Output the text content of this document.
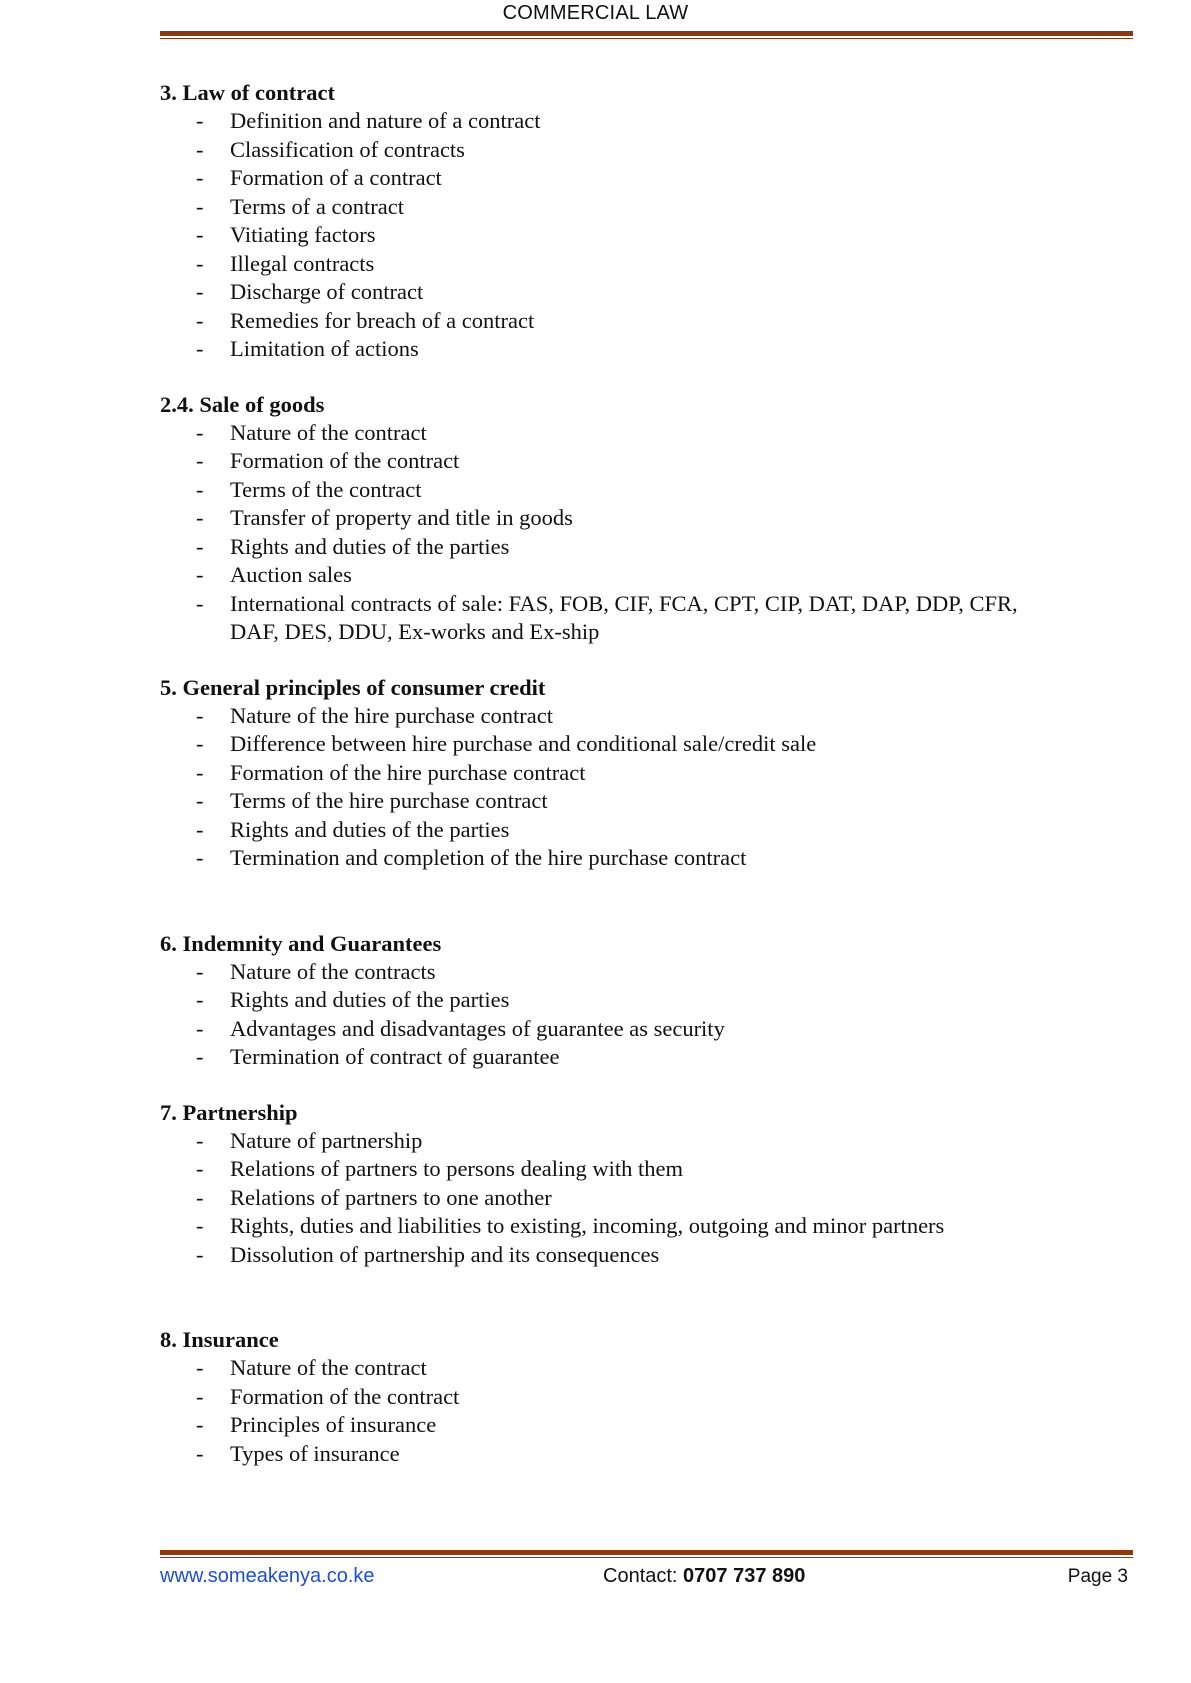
COMMERCIAL LAW
3. Law of contract
- Definition and nature of a contract
- Classification of contracts
- Formation of a contract
- Terms of a contract
- Vitiating factors
- Illegal contracts
- Discharge of contract
- Remedies for breach of a contract
- Limitation of actions
2.4. Sale of goods
- Nature of the contract
- Formation of the contract
- Terms of the contract
- Transfer of property and title in goods
- Rights and duties of the parties
- Auction sales
- International contracts of sale: FAS, FOB, CIF, FCA, CPT, CIP, DAT, DAP, DDP, CFR,
DAF, DES, DDU, Ex-works and Ex-ship
5. General principles of consumer credit
- Nature of the hire purchase contract
- Difference between hire purchase and conditional sale/credit sale
- Formation of the hire purchase contract
- Terms of the hire purchase contract
- Rights and duties of the parties
- Termination and completion of the hire purchase contract
6. Indemnity and Guarantees
- Nature of the contracts
- Rights and duties of the parties
- Advantages and disadvantages of guarantee as security
- Termination of contract of guarantee
7. Partnership
- Nature of partnership
- Relations of partners to persons dealing with them
- Relations of partners to one another
- Rights, duties and liabilities to existing, incoming, outgoing and minor partners
- Dissolution of partnership and its consequences
8. Insurance
- Nature of the contract
- Formation of the contract
- Principles of insurance
- Types of insurance
www.someakenya.co.ke	Contact: 0707 737 890	Page 3
